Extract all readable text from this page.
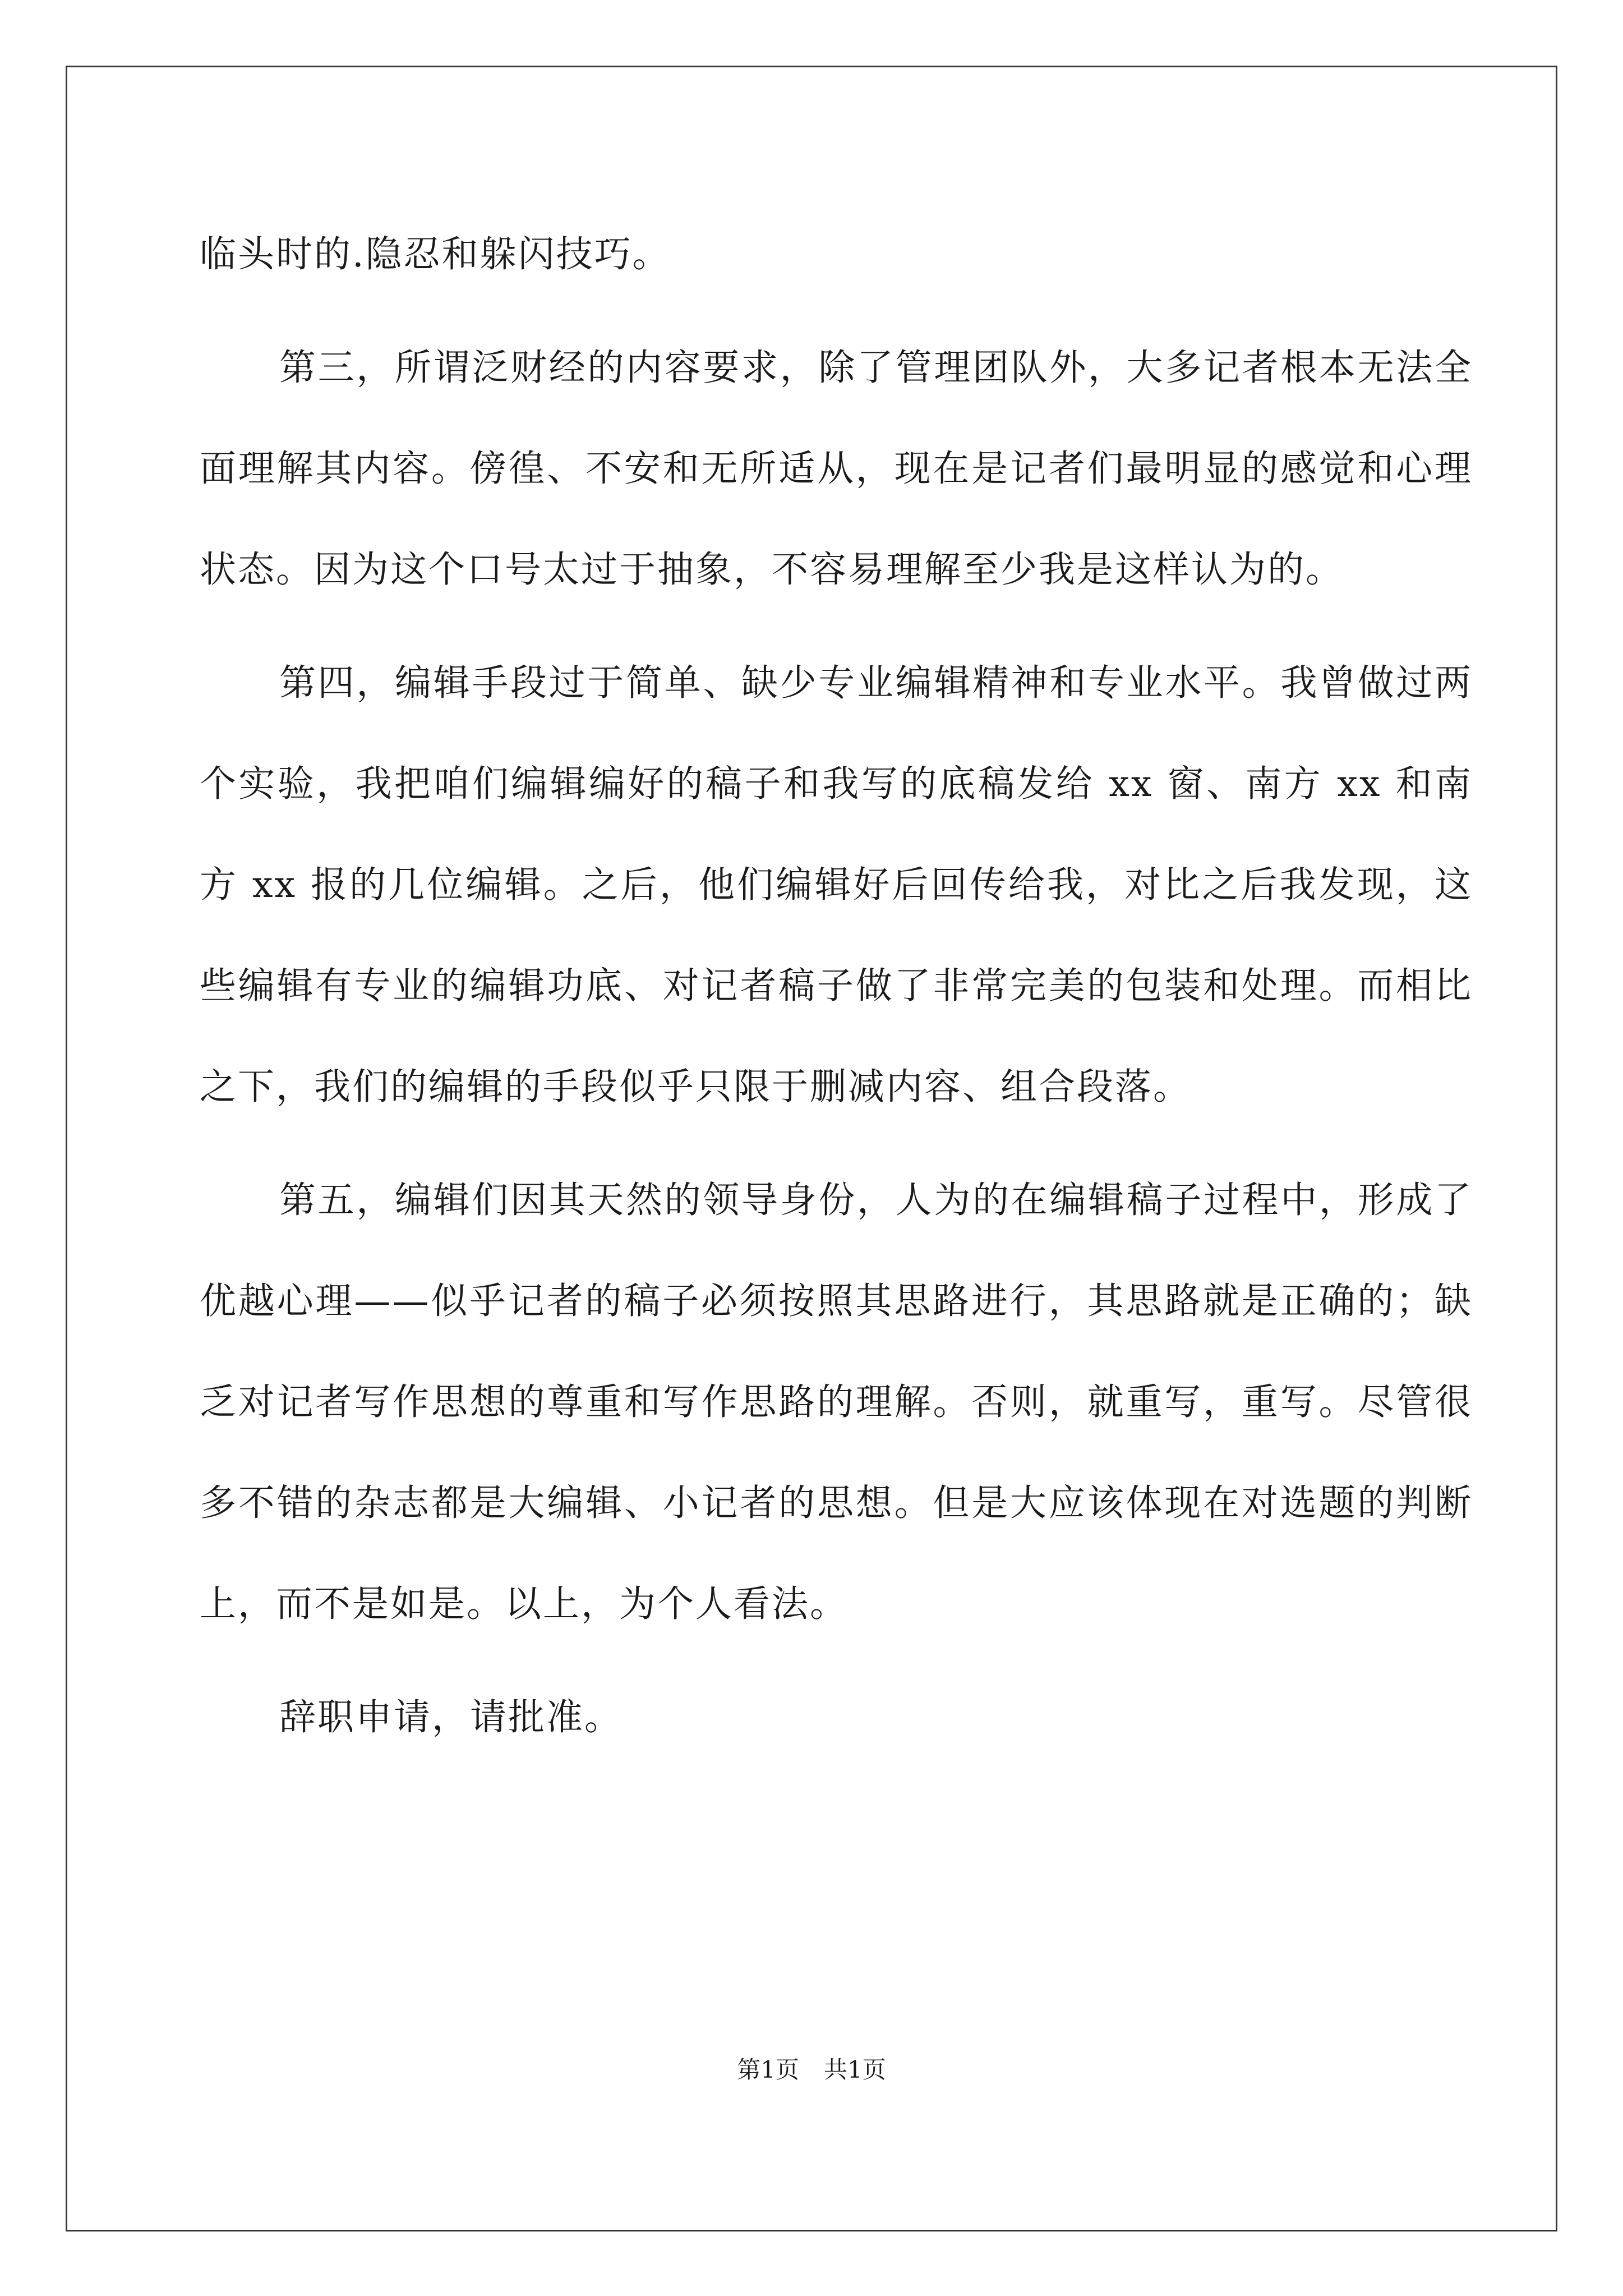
临头时的.隐忍和躲闪技巧。

第三，所谓泛财经的内容要求，除了管理团队外，大多记者根本无法全面理解其内容。傍徨、不安和无所适从，现在是记者们最明显的感觉和心理状态。因为这个口号太过于抽象，不容易理解至少我是这样认为的。

第四，编辑手段过于简单、缺少专业编辑精神和专业水平。我曾做过两个实验，我把咱们编辑编好的稿子和我写的底稿发给 xx 窗、南方 xx 和南方 xx 报的几位编辑。之后，他们编辑好后回传给我，对比之后我发现，这些编辑有专业的编辑功底、对记者稿子做了非常完美的包装和处理。而相比之下，我们的编辑的手段似乎只限于删减内容、组合段落。

第五，编辑们因其天然的领导身份，人为的在编辑稿子过程中，形成了优越心理——似乎记者的稿子必须按照其思路进行，其思路就是正确的；缺乏对记者写作思想的尊重和写作思路的理解。否则，就重写，重写。尽管很多不错的杂志都是大编辑、小记者的思想。但是大应该体现在对选题的判断上，而不是如是。以上，为个人看法。

辞职申请，请批准。

第1页 共1页
